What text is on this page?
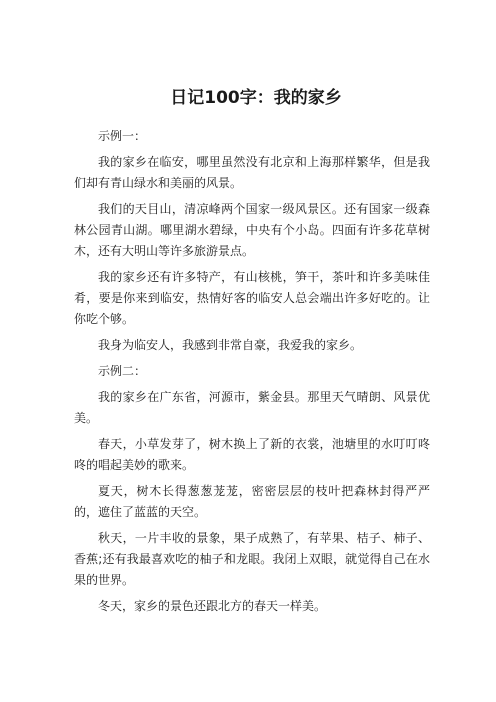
日记100字：我的家乡
示例一：
我的家乡在临安，哪里虽然没有北京和上海那样繁华，但是我们却有青山绿水和美丽的风景。
我们的天目山，清凉峰两个国家一级风景区。还有国家一级森林公园青山湖。哪里湖水碧绿，中央有个小岛。四面有许多花草树木，还有大明山等许多旅游景点。
我的家乡还有许多特产，有山核桃，笋干，茶叶和许多美味佳肴，要是你来到临安，热情好客的临安人总会端出许多好吃的。让你吃个够。
我身为临安人，我感到非常自豪，我爱我的家乡。
示例二：
我的家乡在广东省，河源市，紫金县。那里天气晴朗、风景优美。
春天，小草发芽了，树木换上了新的衣裳，池塘里的水叮叮咚咚的唱起美妙的歌来。
夏天，树木长得葱葱茏茏，密密层层的枝叶把森林封得严严的，遮住了蓝蓝的天空。
秋天，一片丰收的景象，果子成熟了，有苹果、桔子、柿子、香蕉;还有我最喜欢吃的柚子和龙眼。我闭上双眼，就觉得自己在水果的世界。
冬天，家乡的景色还跟北方的春天一样美。
